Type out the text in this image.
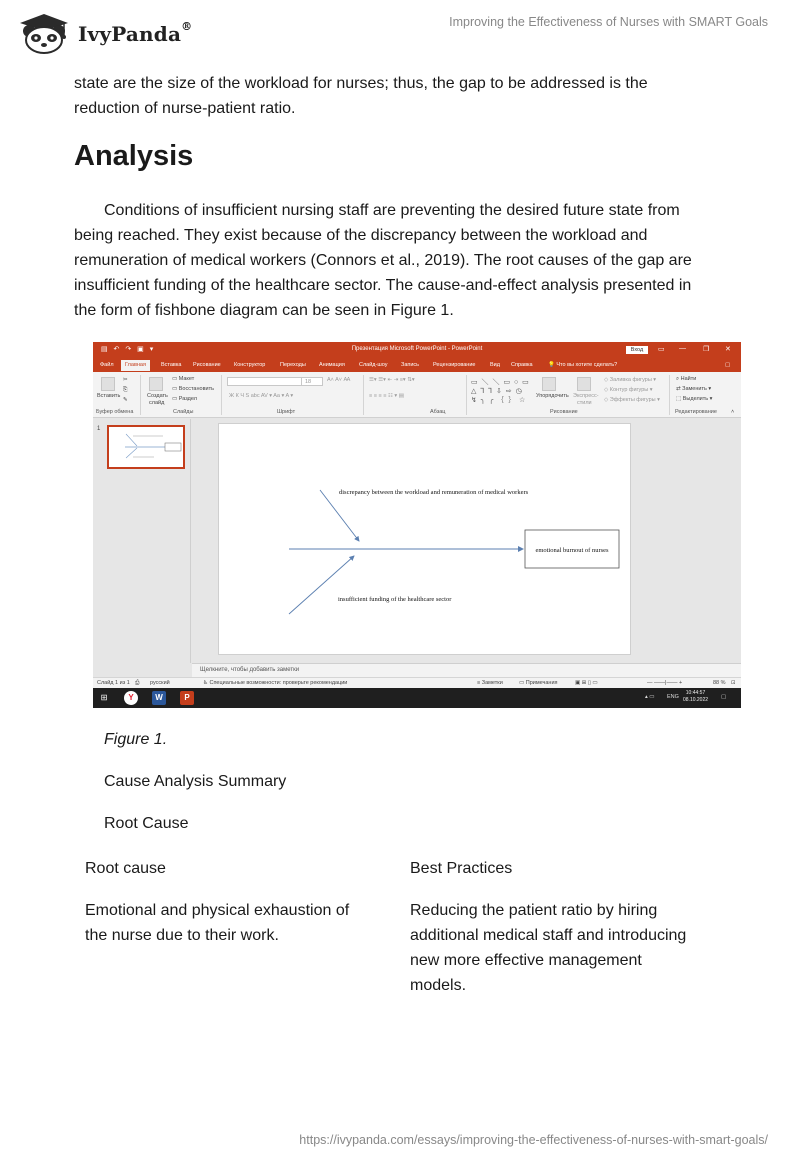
IvyPanda®	Improving the Effectiveness of Nurses with SMART Goals
state are the size of the workload for nurses; thus, the gap to be addressed is the
reduction of nurse-patient ratio.
Analysis
Conditions of insufficient nursing staff are preventing the desired future state from
being reached. They exist because of the discrepancy between the workload and
remuneration of medical workers (Connors et al., 2019). The root causes of the gap are
insufficient funding of the healthcare sector. The cause-and-effect analysis presented in
the form of fishbone diagram can be seen in Figure 1.
▤ ↶ ↷ ▣ ▾	Презентация Microsoft PowerPoint - PowerPoint	Вход	▭ — ❐ ✕
Файл	Главная	Вставка Рисование Конструктор	Переходы Анимация	Слайд-шоу Запись	Рецензирование	Вид Справка	💡 Что вы хотите сделать?	▢
Вставить
✂
⎘
✎
Буфер обмена
Создать
слайд
▭ Макет
▭ Восстановить
▭ Раздел
Слайды
18	A˄ A˅ Ꜳ
Ж К Ч S abc AV ▾ Aa ▾ A ▾
Шрифт
☰▾ ☰▾ ⇤ ⇥ ≡▾ ⇅▾
≡ ≡ ≡ ≡ ☷ ▾ ▤
Абзац
▭ ＼ ＼ ▭ ○ ▭
△ ⅂ ⅂ ⇩ ⇨ ◷
↯ ╮ ╭ ｛ ｝ ☆
Упорядочить Экспресс-
стили
◇ Заливка фигуры ▾
◇ Контур фигуры ▾
◇ Эффекты фигуры ▾
Рисование
⌕ Найти
⇄ Заменить ▾
⬚ Выделить ▾
Редактирование	˄
1
discrepancy between the workload and remuneration of medical workers
insufficient funding of the healthcare sector
emotional burnout of nurses
Щелкните, чтобы добавить заметки
Слайд 1 из 1 ⎙ русский	♿ Специальные возможности: проверьте рекомендации	≡ Заметки	▭ Примечания	▣ ⊞ ▯ ▭	— ——|—— +	88 % ⊡
⊞	Y	W	P	▴ ▭ ENG
10:44:57
08.10.2022 ▢
Figure 1.
Cause Analysis Summary
Root Cause
Root cause	Best Practices
Emotional and physical exhaustion of
the nurse due to their work.
Reducing the patient ratio by hiring
additional medical staff and introducing
new more effective management
models.
https://ivypanda.com/essays/improving-the-effectiveness-of-nurses-with-smart-goals/
